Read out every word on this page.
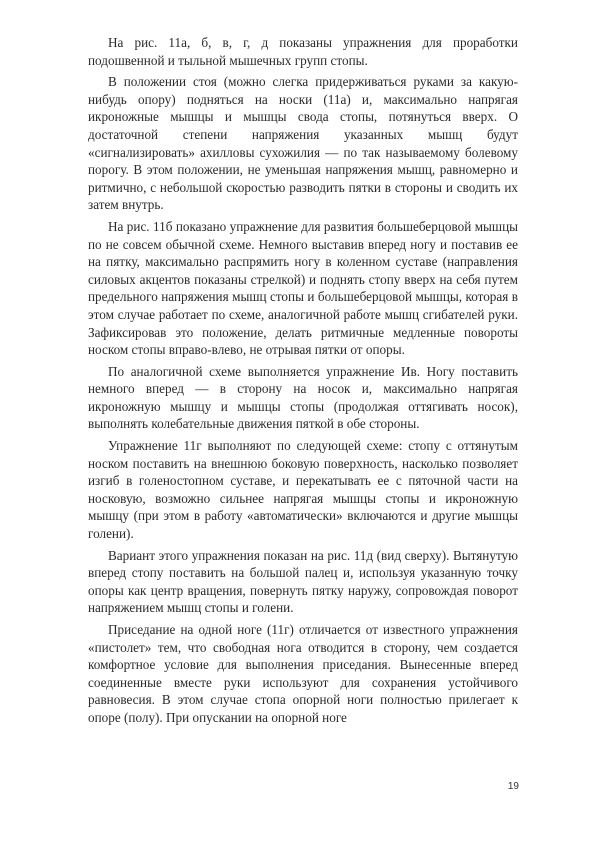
На рис. 11а, б, в, г, д показаны упражнения для проработки подошвенной и тыльной мышечных групп стопы.

В положении стоя (можно слегка придерживаться руками за какую-нибудь опору) подняться на носки (11а) и, максимально напрягая икроножные мышцы и мышцы свода стопы, потянуться вверх. О достаточной степени напряжения указанных мышц будут «сигнализировать» ахилловы сухожилия — по так называемому болевому порогу. В этом положении, не уменьшая напряжения мышц, равномерно и ритмично, с небольшой скоростью разводить пятки в стороны и сводить их затем внутрь.

На рис. 11б показано упражнение для развития большеберцовой мышцы по не совсем обычной схеме. Немного выставив вперед ногу и поставив ее на пятку, максимально распрямить ногу в коленном суставе (направления силовых акцентов показаны стрелкой) и поднять стопу вверх на себя путем предельного напряжения мышц стопы и большеберцовой мышцы, которая в этом случае работает по схеме, аналогичной работе мышц сгибателей руки. Зафиксировав это положение, делать ритмичные медленные повороты носком стопы вправо-влево, не отрывая пятки от опоры.

По аналогичной схеме выполняется упражнение Ив. Ногу поставить немного вперед — в сторону на носок и, максимально напрягая икроножную мышцу и мышцы стопы (продолжая оттягивать носок), выполнять колебательные движения пяткой в обе стороны.

Упражнение 11г выполняют по следующей схеме: стопу с оттянутым носком поставить на внешнюю боковую поверхность, насколько позволяет изгиб в голеностопном суставе, и перекатывать ее с пяточной части на носковую, возможно сильнее напрягая мышцы стопы и икроножную мышцу (при этом в работу «автоматически» включаются и другие мышцы голени).

Вариант этого упражнения показан на рис. 11д (вид сверху). Вытянутую вперед стопу поставить на большой палец и, используя указанную точку опоры как центр вращения, повернуть пятку наружу, сопровождая поворот напряжением мышц стопы и голени.

Приседание на одной ноге (11г) отличается от известного упражнения «пистолет» тем, что свободная нога отводится в сторону, чем создается комфортное условие для выполнения приседания. Вынесенные вперед соединенные вместе руки используют для сохранения устойчивого равновесия. В этом случае стопа опорной ноги полностью прилегает к опоре (полу). При опускании на опорной ноге

19
